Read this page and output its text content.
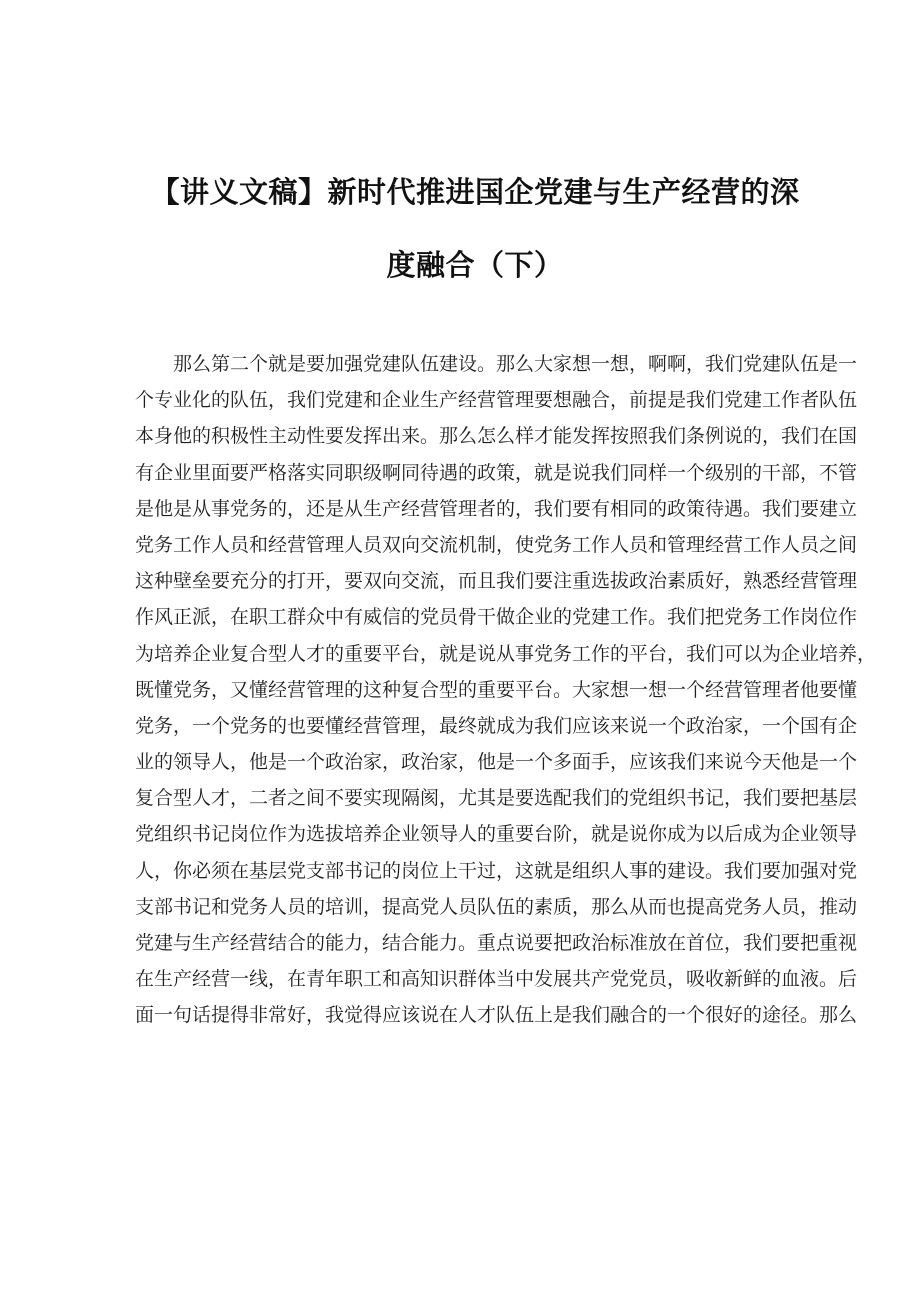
【讲义文稿】新时代推进国企党建与生产经营的深
度融合（下）
那么第二个就是要加强党建队伍建设。那么大家想一想，啊啊，我们党建队伍是一
个专业化的队伍，我们党建和企业生产经营管理要想融合，前提是我们党建工作者队伍
本身他的积极性主动性要发挥出来。那么怎么样才能发挥按照我们条例说的，我们在国
有企业里面要严格落实同职级啊同待遇的政策，就是说我们同样一个级别的干部，不管
是他是从事党务的，还是从生产经营管理者的，我们要有相同的政策待遇。我们要建立
党务工作人员和经营管理人员双向交流机制，使党务工作人员和管理经营工作人员之间
这种壁垒要充分的打开，要双向交流，而且我们要注重选拔政治素质好，熟悉经营管理
作风正派，在职工群众中有威信的党员骨干做企业的党建工作。我们把党务工作岗位作
为培养企业复合型人才的重要平台，就是说从事党务工作的平台，我们可以为企业培养，
既懂党务，又懂经营管理的这种复合型的重要平台。大家想一想一个经营管理者他要懂
党务，一个党务的也要懂经营管理，最终就成为我们应该来说一个政治家，一个国有企
业的领导人，他是一个政治家，政治家，他是一个多面手，应该我们来说今天他是一个
复合型人才，二者之间不要实现隔阂，尤其是要选配我们的党组织书记，我们要把基层
党组织书记岗位作为选拔培养企业领导人的重要台阶，就是说你成为以后成为企业领导
人，你必须在基层党支部书记的岗位上干过，这就是组织人事的建设。我们要加强对党
支部书记和党务人员的培训，提高党人员队伍的素质，那么从而也提高党务人员，推动
党建与生产经营结合的能力，结合能力。重点说要把政治标准放在首位，我们要把重视
在生产经营一线，在青年职工和高知识群体当中发展共产党党员，吸收新鲜的血液。后
面一句话提得非常好，我觉得应该说在人才队伍上是我们融合的一个很好的途径。那么
